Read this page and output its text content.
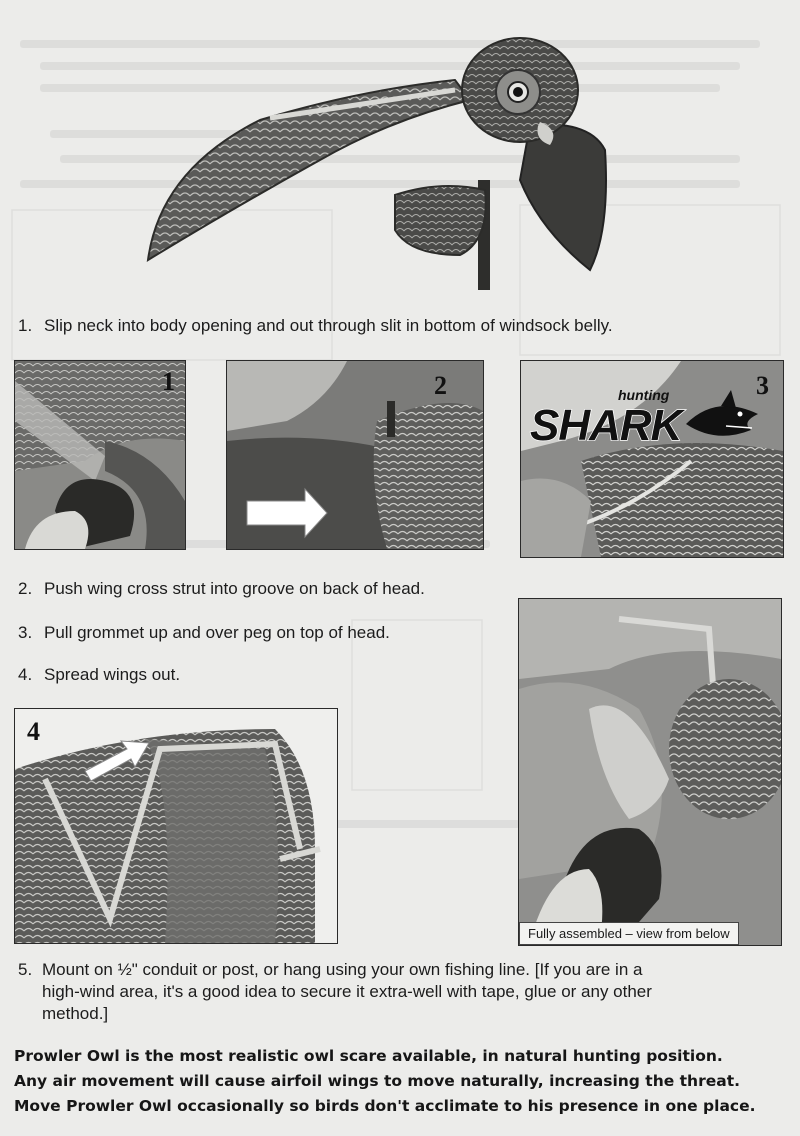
1. Slip neck into body opening and out through slit in bottom of windsock belly.
1	2	3
hunting
SHARK
2. Push wing cross strut into groove on back of head.
3. Pull grommet up and over peg on top of head.
4. Spread wings out.
Fully assembled – view from below
4
5. Mount on ½" conduit or post, or hang using your own fishing line. [If you are in a
high-wind area, it's a good idea to secure it extra-well with tape, glue or any other
method.]
Prowler Owl is the most realistic owl scare available, in natural hunting position.
Any air movement will cause airfoil wings to move naturally, increasing the threat.
Move Prowler Owl occasionally so birds don't acclimate to his presence in one place.
